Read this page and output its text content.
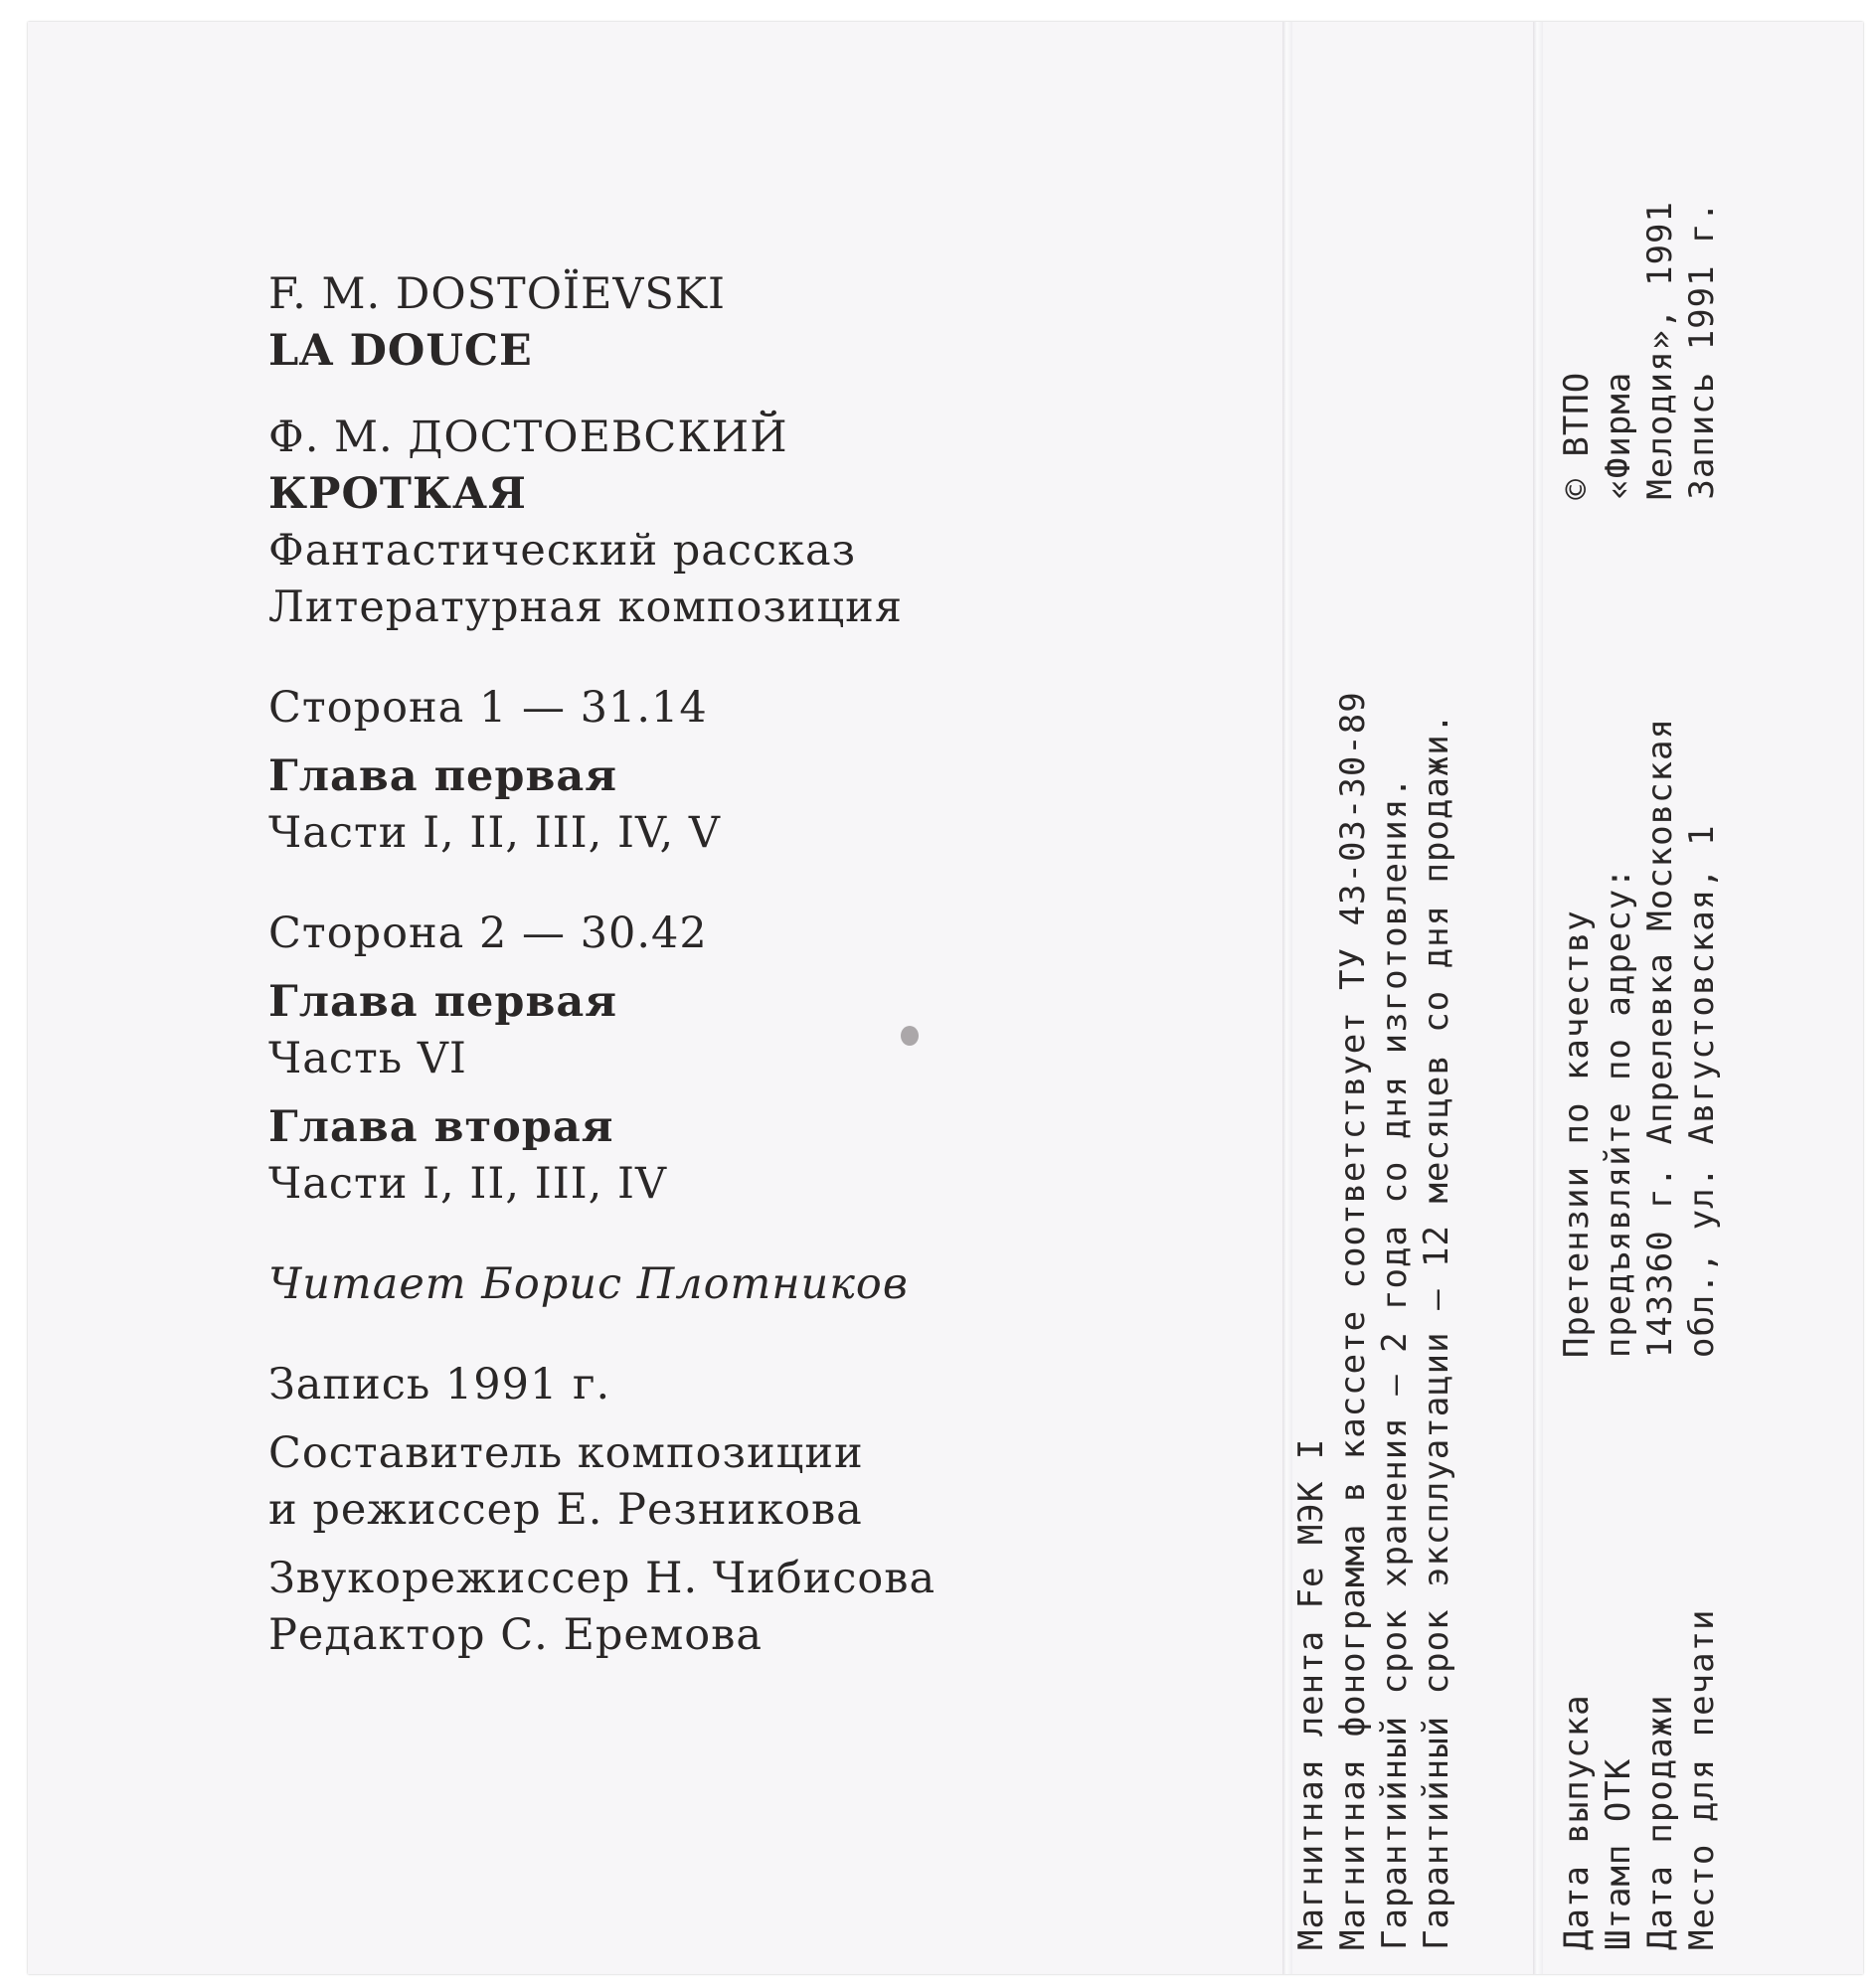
F. M. DOSTOÏEVSKI
LA DOUCE
Ф. М. ДОСТОЕВСКИЙ
КРОТКАЯ
Фантастический рассказ
Литературная композиция
Сторона 1 — 31.14
Глава первая
Части I, II, III, IV, V
Сторона 2 — 30.42
Глава первая
Часть VI
Глава вторая
Части I, II, III, IV
Читает Борис Плотников
Запись 1991 г.
Составитель композиции
и режиссер Е. Резникова
Звукорежиссер Н. Чибисова
Редактор С. Еремова	Магнитная лента Fe МЭК I Магнитная фонограмма в кассете соответствует ТУ 43-03-30-89 Гарантийный срок хранения — 2 года со дня изготовления. Гарантийный срок эксплуатации — 12 месяцев со дня продажи.	Дата выпуска Штамп ОТК Дата продажи Место для печати
Претензии по качеству предъявляйте по адресу: 143360 г. Апрелевка Московская обл., ул. Августовская, 1
© ВТПО «Фирма Мелодия», 1991 Запись 1991 г.
